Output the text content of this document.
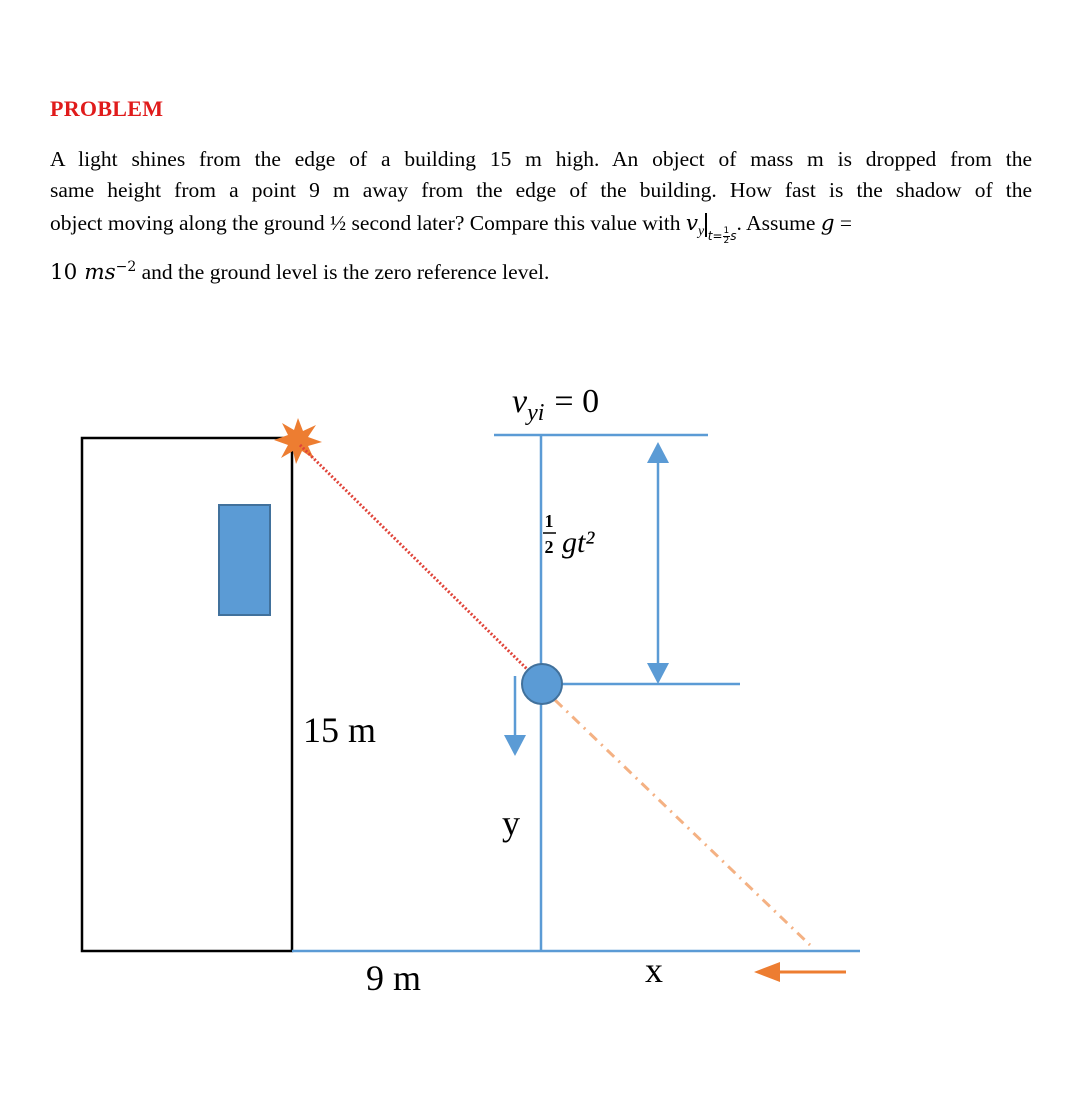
PROBLEM
A light shines from the edge of a building 15 m high. An object of mass m is dropped from the
same height from a point 9 m away from the edge of the building. How fast is the shadow of the
object moving along the ground ½ second later? Compare this value with $v_y$ $_{t= \frac{1}{2} s}$. Assume g =
10 $ms^{-2}$ and the ground level is the zero reference level.
$v_{yi} = 0$
1
2 gt²
15 m
9 m
y
x
